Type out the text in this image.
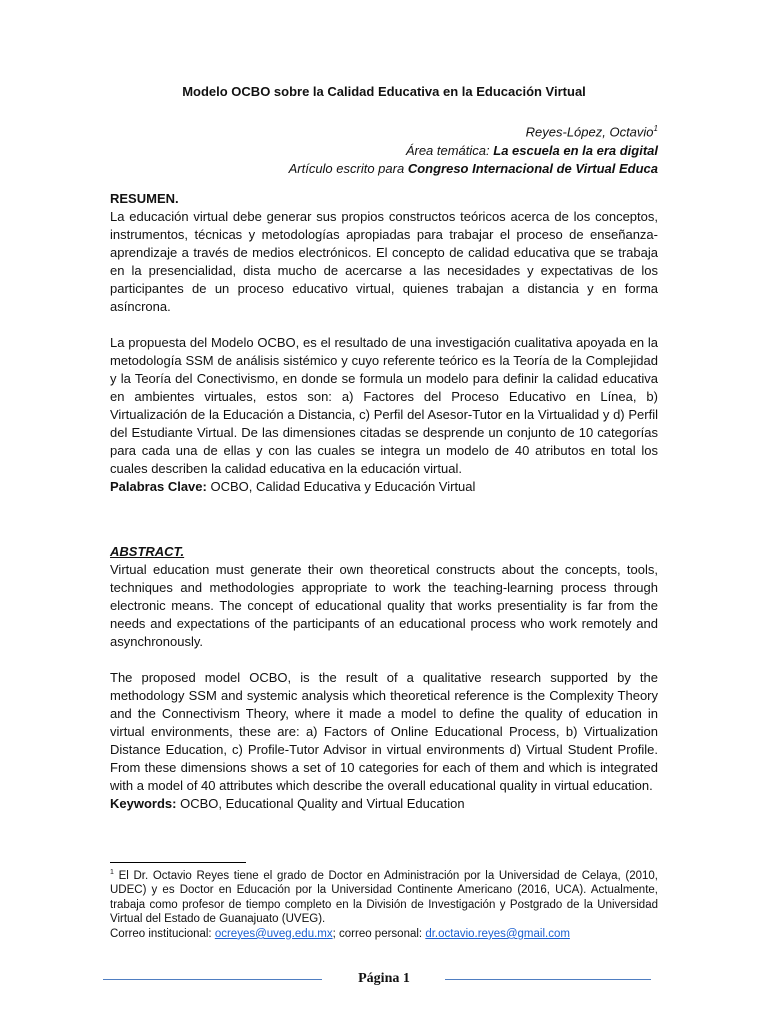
Modelo OCBO sobre la Calidad Educativa en la Educación Virtual
Reyes-López, Octavio$^1$
Área temática: La escuela en la era digital
Artículo escrito para Congreso Internacional de Virtual Educa

RESUMEN.

La educación virtual debe generar sus propios constructos teóricos acerca de los conceptos, instrumentos, técnicas y metodologías apropiadas para trabajar el proceso de enseñanza-aprendizaje a través de medios electrónicos. El concepto de calidad educativa que se trabaja en la presencialidad, dista mucho de acercarse a las necesidades y expectativas de los participantes de un proceso educativo virtual, quienes trabajan a distancia y en forma asíncrona.

La propuesta del Modelo OCBO, es el resultado de una investigación cualitativa apoyada en la metodología SSM de análisis sistémico y cuyo referente teórico es la Teoría de la Complejidad y la Teoría del Conectivismo, en donde se formula un modelo para definir la calidad educativa en ambientes virtuales, estos son: a) Factores del Proceso Educativo en Línea, b) Virtualización de la Educación a Distancia, c) Perfil del Asesor-Tutor en la Virtualidad y d) Perfil del Estudiante Virtual. De las dimensiones citadas se desprende un conjunto de 10 categorías para cada una de ellas y con las cuales se integra un modelo de 40 atributos en total los cuales describen la calidad educativa en la educación virtual.

Palabras Clave: OCBO, Calidad Educativa y Educación Virtual

ABSTRACT.

Virtual education must generate their own theoretical constructs about the concepts, tools, techniques and methodologies appropriate to work the teaching-learning process through electronic means. The concept of educational quality that works presentiality is far from the needs and expectations of the participants of an educational process who work remotely and asynchronously.

The proposed model OCBO, is the result of a qualitative research supported by the methodology SSM and systemic analysis which theoretical reference is the Complexity Theory and the Connectivism Theory, where it made a model to define the quality of education in virtual environments, these are: a) Factors of Online Educational Process, b) Virtualization Distance Education, c) Profile-Tutor Advisor in virtual environments d) Virtual Student Profile. From these dimensions shows a set of 10 categories for each of them and which is integrated with a model of 40 attributes which describe the overall educational quality in virtual education.

Keywords: OCBO, Educational Quality and Virtual Education

$^1$ El Dr. Octavio Reyes tiene el grado de Doctor en Administración por la Universidad de Celaya, (2010, UDEC) y es Doctor en Educación por la Universidad Continente Americano (2016, UCA). Actualmente, trabaja como profesor de tiempo completo en la División de Investigación y Postgrado de la Universidad Virtual del Estado de Guanajuato (UVEG).
Correo institucional: ocreyes@uveg.edu.mx; correo personal: dr.octavio.reyes@gmail.com
Página 1
